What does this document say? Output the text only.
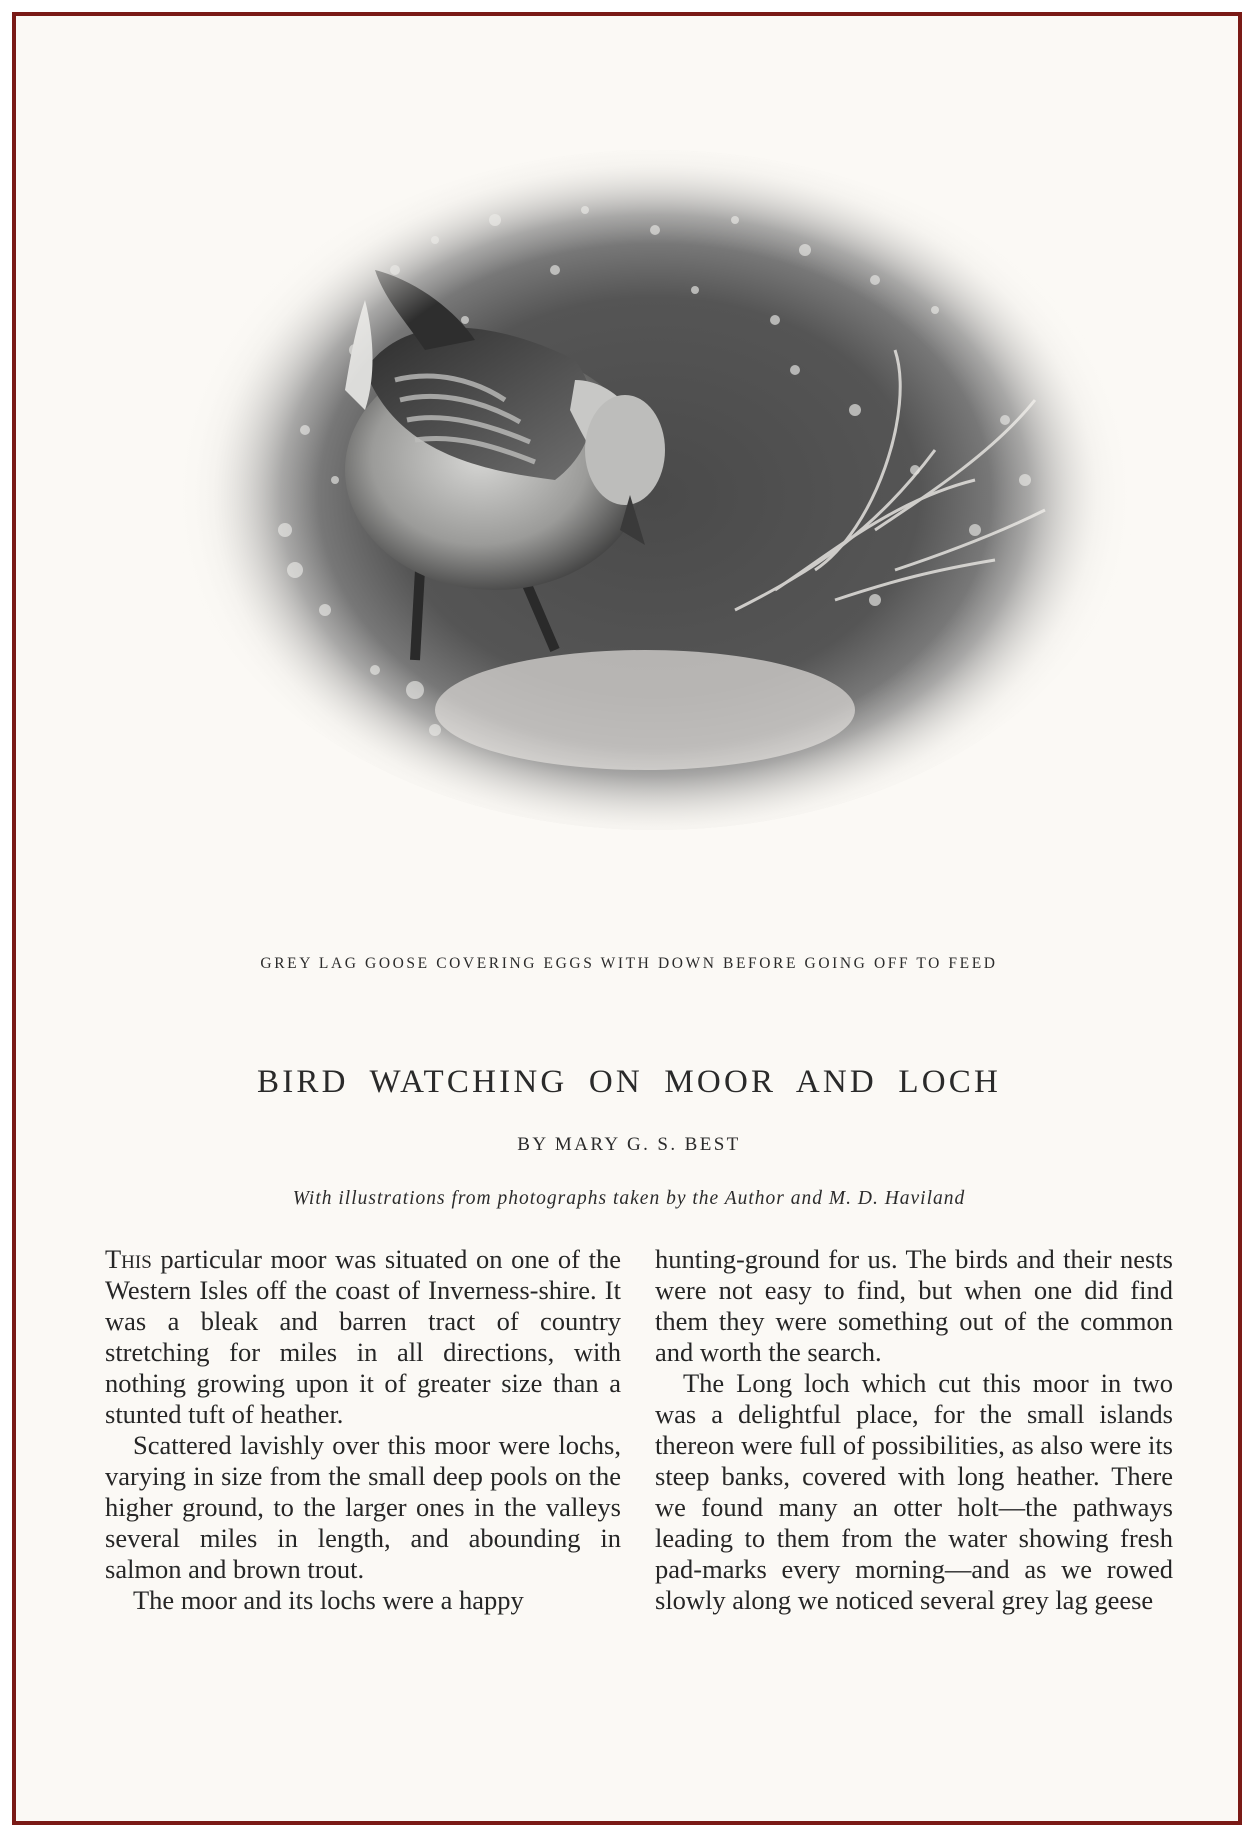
GREY LAG GOOSE COVERING EGGS WITH DOWN BEFORE GOING OFF TO FEED
BIRD WATCHING ON MOOR AND LOCH
BY MARY G. S. BEST
With illustrations from photographs taken by the Author and M. D. Haviland

This particular moor was situated on one of the Western Isles off the coast of Inverness-shire. It was a bleak and barren tract of country stretching for miles in all directions, with nothing growing upon it of greater size than a stunted tuft of heather.

Scattered lavishly over this moor were lochs, varying in size from the small deep pools on the higher ground, to the larger ones in the valleys several miles in length, and abounding in salmon and brown trout.

The moor and its lochs were a happy

hunting-ground for us. The birds and their nests were not easy to find, but when one did find them they were something out of the common and worth the search.

The Long loch which cut this moor in two was a delightful place, for the small islands thereon were full of possibilities, as also were its steep banks, covered with long heather. There we found many an otter holt—the pathways leading to them from the water showing fresh pad-marks every morning—and as we rowed slowly along we noticed several grey lag geese

Copyright Cosmo Int. Ltd
